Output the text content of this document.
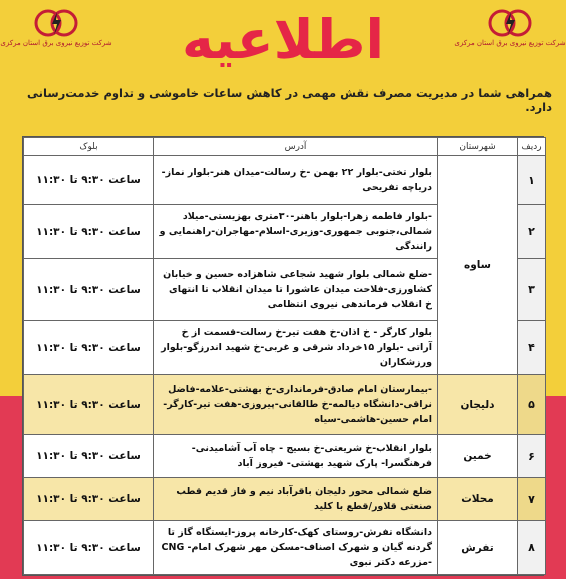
شرکت توزیع نیروی برق استان مرکزی
شرکت توزیع نیروی برق استان مرکزی	اطلاعیه
همراهی شما در مدیریت مصرف نقش مهمی در کاهش ساعات خاموشی و تداوم خدمت‌رسانی دارد.
ردیف	شهرستان	آدرس	بلوک
۱	ساوه	بلوار تختی-بلوار ۲۲ بهمن -خ رسالت-میدان هنر-بلوار نماز-دریاچه تفریحی	ساعت ۹:۳۰ تا ۱۱:۳۰
۲		-بلوار فاطمه زهرا-بلوار باهنر-۳۰متری بهزیستی-میلاد شمالی،جنوبی جمهوری-وزیری-اسلام-مهاجران-راهنمایی و رانندگی	ساعت ۹:۳۰ تا ۱۱:۳۰
۳		-ضلع شمالی بلوار شهید شجاعی شاهزاده حسین و خیابان کشاورزی-فلاحت میدان عاشورا تا میدان انقلاب تا انتهای خ انقلاب فرماندهی نیروی انتظامی	ساعت ۹:۳۰ تا ۱۱:۳۰
۴		بلوار کارگر - خ اذان-خ هفت تیر-خ رسالت-قسمت از خ آراتی -بلوار ۱۵خرداد شرقی و غربی-خ شهید اندرزگو-بلوار ورزشکاران	ساعت ۹:۳۰ تا ۱۱:۳۰
۵	دلیجان	-بیمارستان امام صادق-فرمانداری-خ بهشتی-علامه-فاضل نراقی-دانشگاه دیالمه-خ طالقانی-پیروزی-هفت تیر-کارگر-امام حسین-هاشمی-سیاه	ساعت ۹:۳۰ تا ۱۱:۳۰
۶	خمین	بلوار انقلاب-خ شریعتی-خ بسیج - چاه آب آشامیدنی-فرهنگسرا- پارک شهید بهشتی- فیروز آباد	ساعت ۹:۳۰ تا ۱۱:۳۰
۷	محلات	ضلع شمالی محور دلیجان باقرآباد نیم و فاز قدیم قطب صنعتی قلاور/قطع با کلید	ساعت ۹:۳۰ تا ۱۱:۳۰
۸	تفرش	دانشگاه تفرش-روستای کهک-کارخانه پروز-ایستگاه گاز تا گردنه گیان و شهرک اصناف-مسکن مهر شهرک امام- CNG -مزرعه دکتر نبوی	ساعت ۹:۳۰ تا ۱۱:۳۰
